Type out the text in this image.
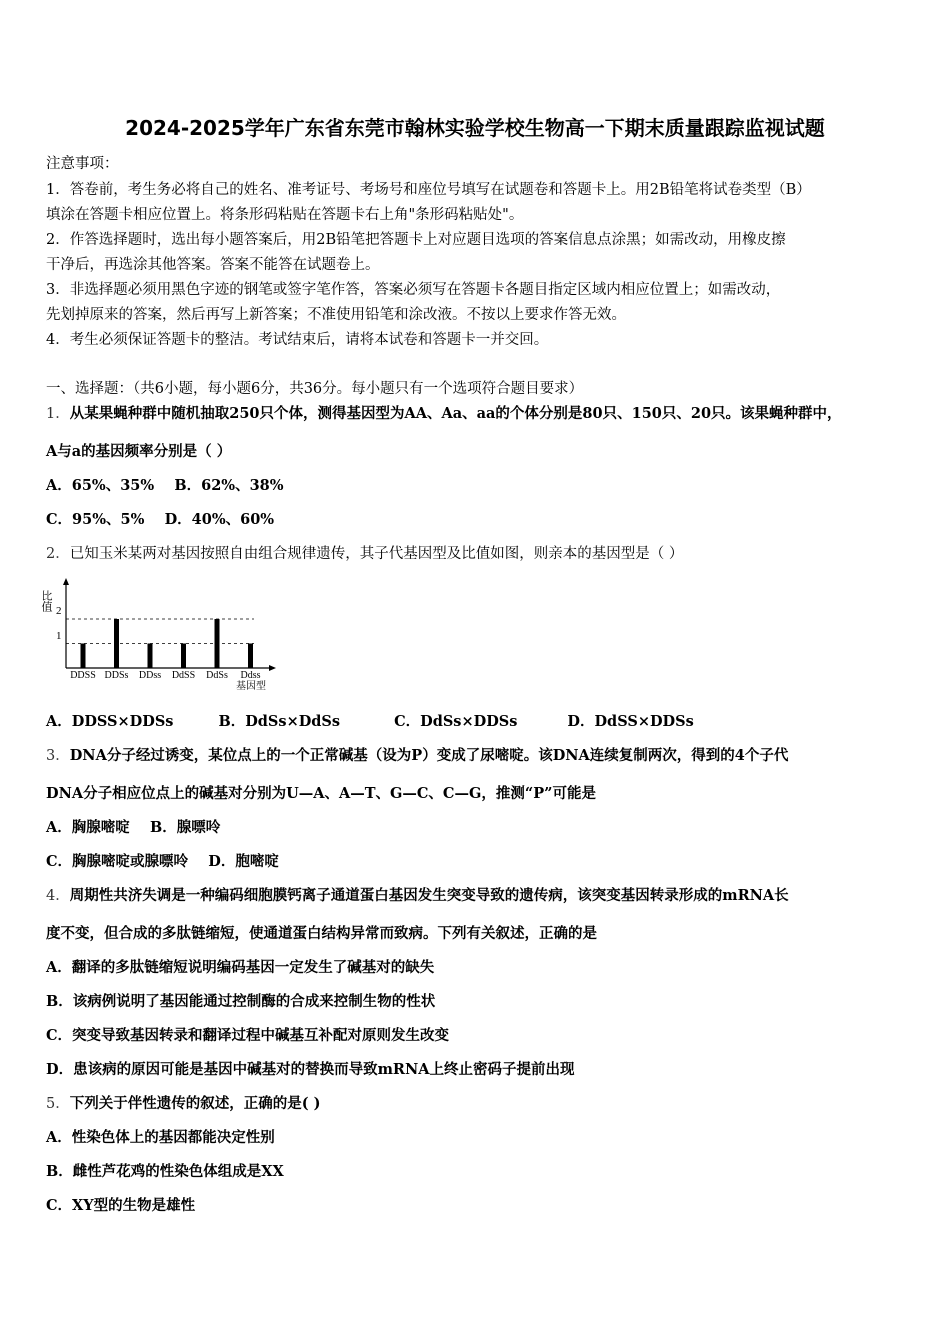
2024-2025学年广东省东莞市翰林实验学校生物高一下期末质量跟踪监视试题
注意事项：
1．答卷前，考生务必将自己的姓名、准考证号、考场号和座位号填写在试题卷和答题卡上。用2B铅笔将试卷类型（B）
填涂在答题卡相应位置上。将条形码粘贴在答题卡右上角"条形码粘贴处"。
2．作答选择题时，选出每小题答案后，用2B铅笔把答题卡上对应题目选项的答案信息点涂黑；如需改动，用橡皮擦
干净后，再选涂其他答案。答案不能答在试题卷上。
3．非选择题必须用黑色字迹的钢笔或签字笔作答，答案必须写在答题卡各题目指定区域内相应位置上；如需改动，
先划掉原来的答案，然后再写上新答案；不准使用铅笔和涂改液。不按以上要求作答无效。
4．考生必须保证答题卡的整洁。考试结束后，请将本试卷和答题卡一并交回。
一、选择题：（共6小题，每小题6分，共36分。每小题只有一个选项符合题目要求）
1．从某果蝇种群中随机抽取250只个体，测得基因型为AA、Aa、aa的个体分别是80只、150只、20只。该果蝇种群中，
A与a的基因频率分别是（ ）
A．65%、35% B．62%、38%
C．95%、5% D．40%、60%
2．已知玉米某两对基因按照自由组合规律遗传，其子代基因型及比值如图，则亲本的基因型是（ ）
比值 2
1
DDSS DDSs DDss DdSS DdSs Ddss
基因型
A．DDSS×DDSs	B．DdSs×DdSs	C．DdSs×DDSs	D．DdSS×DDSs
3．DNA分子经过诱变，某位点上的一个正常碱基（设为P）变成了尿嘧啶。该DNA连续复制两次，得到的4个子代
DNA分子相应位点上的碱基对分别为U—A、A—T、G—C、C—G，推测“P”可能是
A．胸腺嘧啶 B．腺嘌呤
C．胸腺嘧啶或腺嘌呤 D．胞嘧啶
4．周期性共济失调是一种编码细胞膜钙离子通道蛋白基因发生突变导致的遗传病，该突变基因转录形成的mRNA长
度不变，但合成的多肽链缩短，使通道蛋白结构异常而致病。下列有关叙述，正确的是
A．翻译的多肽链缩短说明编码基因一定发生了碱基对的缺失
B．该病例说明了基因能通过控制酶的合成来控制生物的性状
C．突变导致基因转录和翻译过程中碱基互补配对原则发生改变
D．患该病的原因可能是基因中碱基对的替换而导致mRNA上终止密码子提前出现
5．下列关于伴性遗传的叙述，正确的是( )
A．性染色体上的基因都能决定性别
B．雌性芦花鸡的性染色体组成是XX
C．XY型的生物是雄性
